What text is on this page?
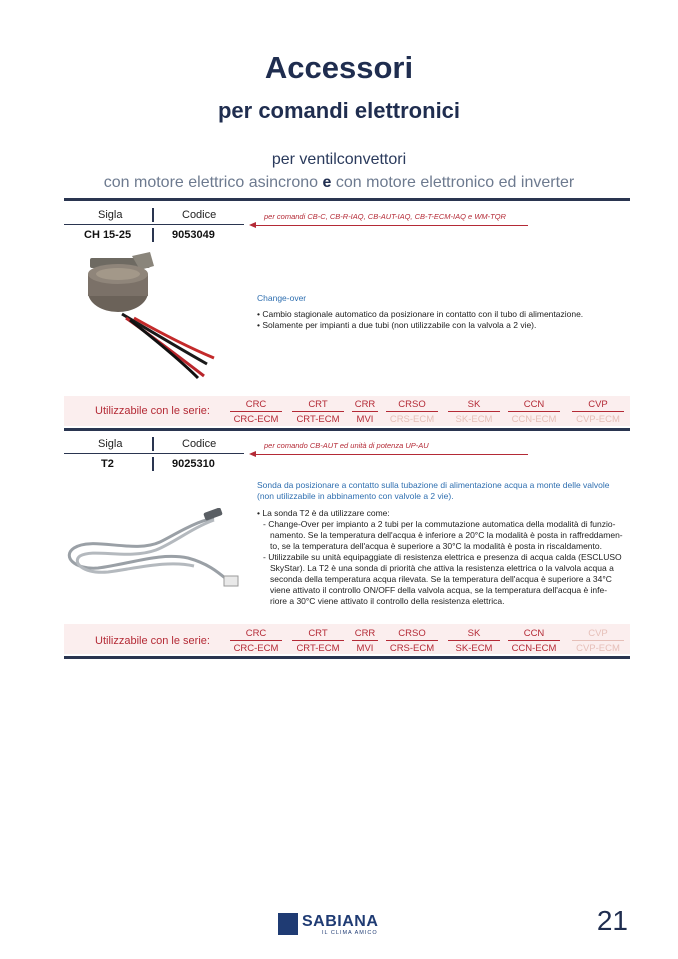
Accessori
per comandi elettronici
per ventilconvettori
con motore elettrico asincrono e con motore elettronico ed inverter
Sigla	Codice
CH 15-25	9053049
per comandi CB-C, CB-R-IAQ, CB-AUT-IAQ, CB-T-ECM-IAQ e WM-TQR
Change-over
• Cambio stagionale automatico da posizionare in contatto con il tubo di alimentazione.
• Solamente per impianti a due tubi (non utilizzabile con la valvola a 2 vie).
Utilizzabile con le serie:
CRC	CRT	CRR	CRSO	SK	CCN	CVP
CRC-ECM	CRT-ECM	MVI	CRS-ECM	SK-ECM	CCN-ECM	CVP-ECM
Sigla	Codice
T2	9025310
per comando CB-AUT ed unità di potenza UP-AU
Sonda da posizionare a contatto sulla tubazione di alimentazione acqua a monte delle valvole
(non utilizzabile in abbinamento con valvole a 2 vie).
• La sonda T2 è da utilizzare come:
- Change-Over per impianto a 2 tubi per la commutazione automatica della modalità di funzio-
namento. Se la temperatura dell'acqua è inferiore a 20°C la modalità è posta in raffreddamen-
to, se la temperatura dell'acqua è superiore a 30°C la modalità è posta in riscaldamento.
- Utilizzabile su unità equipaggiate di resistenza elettrica e presenza di acqua calda (ESCLUSO
SkyStar). La T2 è una sonda di priorità che attiva la resistenza elettrica o la valvola acqua a
seconda della temperatura acqua rilevata. Se la temperatura dell'acqua è superiore a 34°C
viene attivato il controllo ON/OFF della valvola acqua, se la temperatura dell'acqua è infe-
riore a 30°C viene attivato il controllo della resistenza elettrica.
Utilizzabile con le serie:
CRC	CRT	CRR	CRSO	SK	CCN	CVP
CRC-ECM	CRT-ECM	MVI	CRS-ECM	SK-ECM	CCN-ECM	CVP-ECM
SABIANA
IL CLIMA AMICO	21
